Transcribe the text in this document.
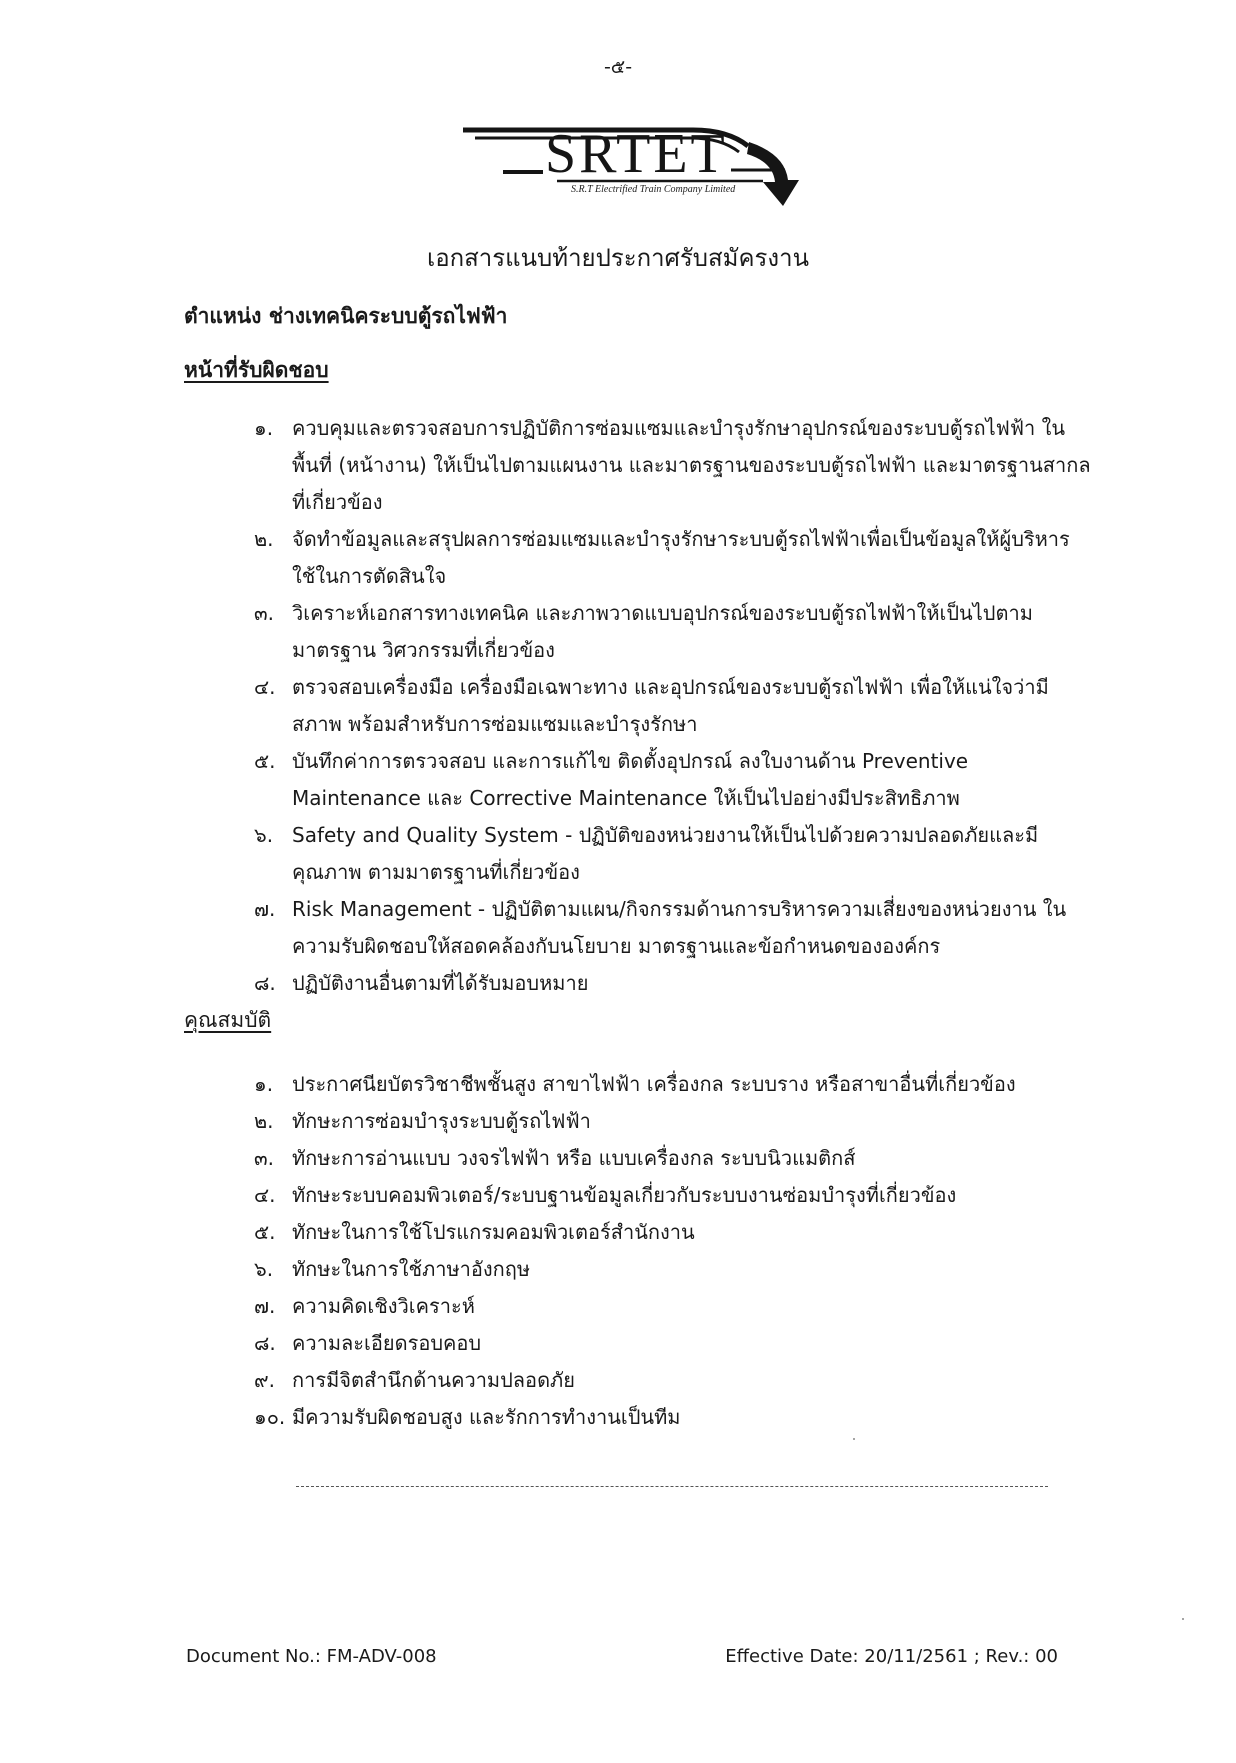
-๕-
SRTET
S.R.T Electrified Train Company Limited
เอกสารแนบท้ายประกาศรับสมัครงาน
ตำแหน่ง ช่างเทคนิคระบบตู้รถไฟฟ้า
หน้าที่รับผิดชอบ
๑. ควบคุมและตรวจสอบการปฏิบัติการซ่อมแซมและบำรุงรักษาอุปกรณ์ของระบบตู้รถไฟฟ้า ในพื้นที่ (หน้างาน) ให้เป็นไปตามแผนงาน และมาตรฐานของระบบตู้รถไฟฟ้า และมาตรฐานสากลที่เกี่ยวข้อง
๒. จัดทำข้อมูลและสรุปผลการซ่อมแซมและบำรุงรักษาระบบตู้รถไฟฟ้าเพื่อเป็นข้อมูลให้ผู้บริหาร ใช้ในการตัดสินใจ
๓. วิเคราะห์เอกสารทางเทคนิค และภาพวาดแบบอุปกรณ์ของระบบตู้รถไฟฟ้าให้เป็นไปตามมาตรฐาน วิศวกรรมที่เกี่ยวข้อง
๔. ตรวจสอบเครื่องมือ เครื่องมือเฉพาะทาง และอุปกรณ์ของระบบตู้รถไฟฟ้า เพื่อให้แน่ใจว่ามีสภาพ พร้อมสำหรับการซ่อมแซมและบำรุงรักษา
๕. บันทึกค่าการตรวจสอบ และการแก้ไข ติดตั้งอุปกรณ์ ลงใบงานด้าน Preventive Maintenance และ Corrective Maintenance ให้เป็นไปอย่างมีประสิทธิภาพ
๖. Safety and Quality System - ปฏิบัติของหน่วยงานให้เป็นไปด้วยความปลอดภัยและมีคุณภาพ ตามมาตรฐานที่เกี่ยวข้อง
๗. Risk Management - ปฏิบัติตามแผน/กิจกรรมด้านการบริหารความเสี่ยงของหน่วยงาน ในความรับผิดชอบให้สอดคล้องกับนโยบาย มาตรฐานและข้อกำหนดขององค์กร
๘. ปฏิบัติงานอื่นตามที่ได้รับมอบหมาย
คุณสมบัติ
๑. ประกาศนียบัตรวิชาชีพชั้นสูง สาขาไฟฟ้า เครื่องกล ระบบราง หรือสาขาอื่นที่เกี่ยวข้อง
๒. ทักษะการซ่อมบำรุงระบบตู้รถไฟฟ้า
๓. ทักษะการอ่านแบบ วงจรไฟฟ้า หรือ แบบเครื่องกล ระบบนิวแมติกส์
๔. ทักษะระบบคอมพิวเตอร์/ระบบฐานข้อมูลเกี่ยวกับระบบงานซ่อมบำรุงที่เกี่ยวข้อง
๕. ทักษะในการใช้โปรแกรมคอมพิวเตอร์สำนักงาน
๖. ทักษะในการใช้ภาษาอังกฤษ
๗. ความคิดเชิงวิเคราะห์
๘. ความละเอียดรอบคอบ
๙. การมีจิตสำนึกด้านความปลอดภัย
๑๐. มีความรับผิดชอบสูง และรักการทำงานเป็นทีม
Document No.: FM-ADV-008	Effective Date: 20/11/2561 ; Rev.: 00
